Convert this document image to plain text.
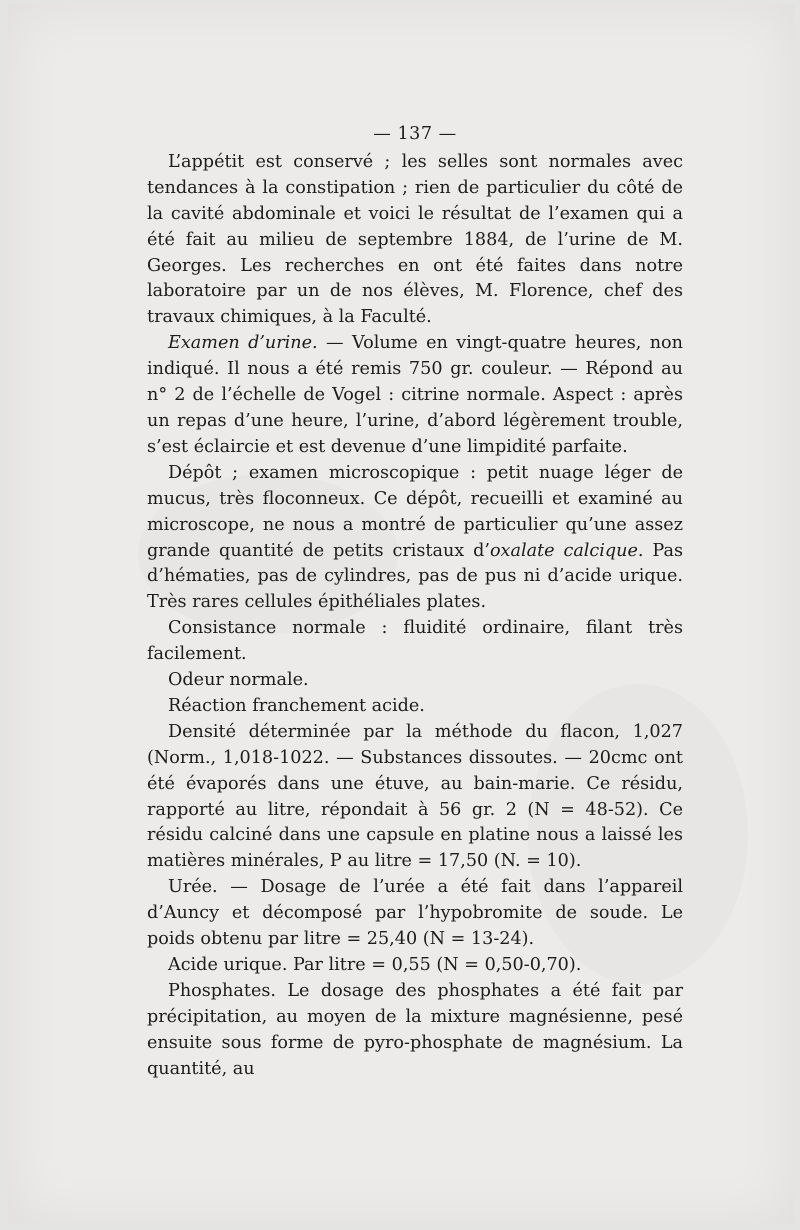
— 137 —

L’appétit est conservé ; les selles sont normales avec tendances à la constipation ; rien de particulier du côté de la cavité abdominale et voici le résultat de l’examen qui a été fait au milieu de septembre 1884, de l’urine de M. Georges. Les recherches en ont été faites dans notre laboratoire par un de nos élèves, M. Florence, chef des travaux chimiques, à la Faculté.

Examen d’urine. — Volume en vingt-quatre heures, non indiqué. Il nous a été remis 750 gr. couleur. — Répond au n° 2 de l’échelle de Vogel : citrine normale. Aspect : après un repas d’une heure, l’urine, d’abord légèrement trouble, s’est éclaircie et est devenue d’une limpidité parfaite.

Dépôt ; examen microscopique : petit nuage léger de mucus, très floconneux. Ce dépôt, recueilli et examiné au microscope, ne nous a montré de particulier qu’une assez grande quantité de petits cristaux d’oxalate calcique. Pas d’hématies, pas de cylindres, pas de pus ni d’acide urique. Très rares cellules épithéliales plates.

Consistance normale : fluidité ordinaire, filant très facilement.

Odeur normale.

Réaction franchement acide.

Densité déterminée par la méthode du flacon, 1,027 (Norm., 1,018-1022. — Substances dissoutes. — 20cmc ont été évaporés dans une étuve, au bain-marie. Ce résidu, rapporté au litre, répondait à 56 gr. 2 (N = 48-52). Ce résidu calciné dans une capsule en platine nous a laissé les matières minérales, P au litre = 17,50 (N. = 10).

Urée. — Dosage de l’urée a été fait dans l’appareil d’Auncy et décomposé par l’hypobromite de soude. Le poids obtenu par litre = 25,40 (N = 13-24).

Acide urique. Par litre = 0,55 (N = 0,50-0,70).

Phosphates. Le dosage des phosphates a été fait par précipitation, au moyen de la mixture magnésienne, pesé ensuite sous forme de pyro-phosphate de magnésium. La quantité, au
